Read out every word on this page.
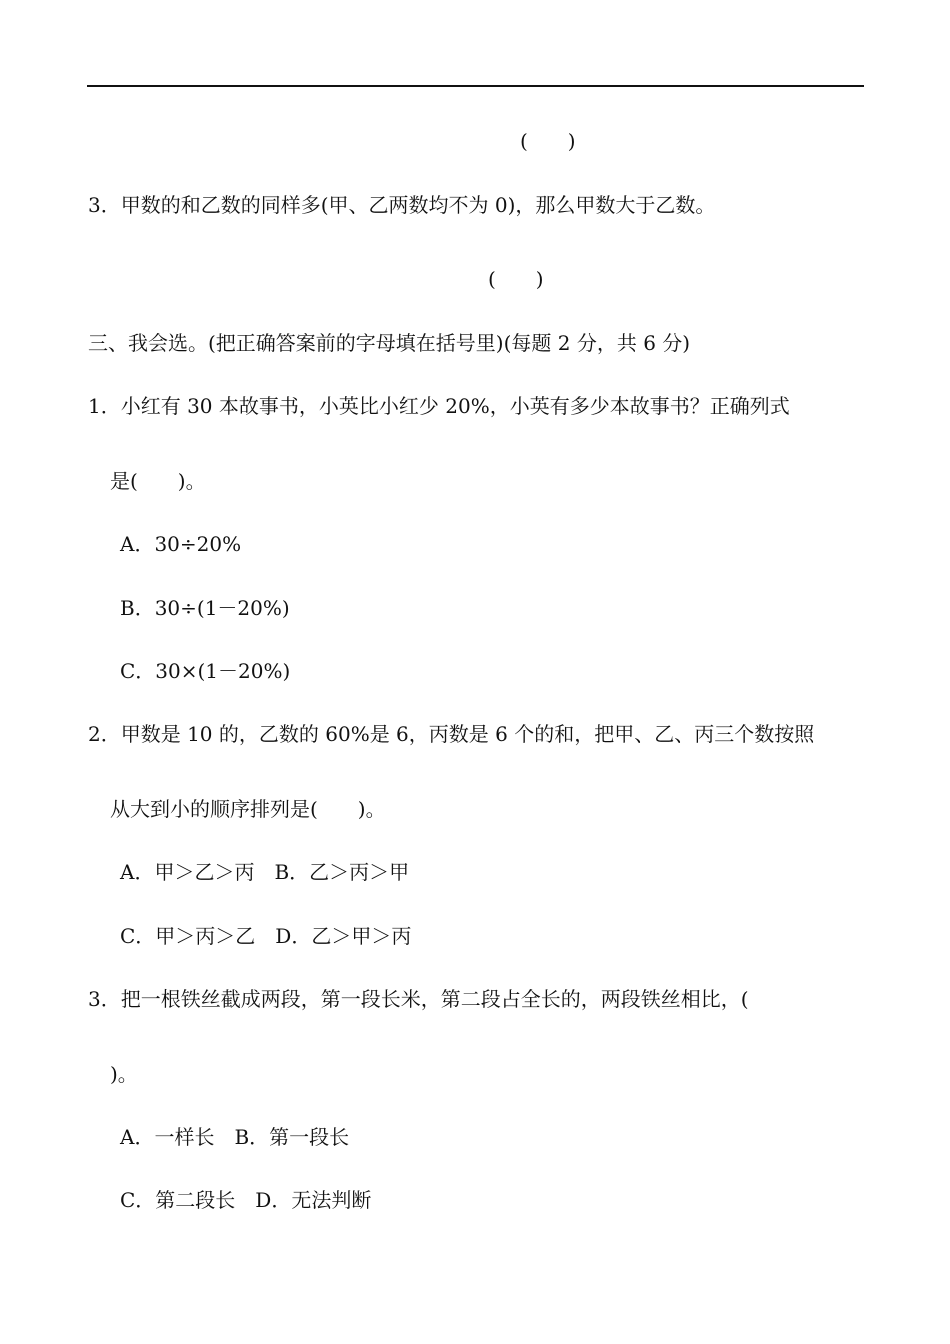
(　　)

3．甲数的和乙数的同样多(甲、乙两数均不为 0)，那么甲数大于乙数。

(　　)

三、我会选。(把正确答案前的字母填在括号里)(每题 2 分，共 6 分)

1．小红有 30 本故事书，小英比小红少 20%，小英有多少本故事书？正确列式

是(　　)。

A．30÷20%

B．30÷(1－20%)

C．30×(1－20%)

2．甲数是 10 的，乙数的 60%是 6，丙数是 6 个的和，把甲、乙、丙三个数按照

从大到小的顺序排列是(　　)。

A．甲＞乙＞丙　B．乙＞丙＞甲

C．甲＞丙＞乙　D．乙＞甲＞丙

3．把一根铁丝截成两段，第一段长米，第二段占全长的，两段铁丝相比，(

)。

A．一样长　B．第一段长

C．第二段长　D．无法判断
